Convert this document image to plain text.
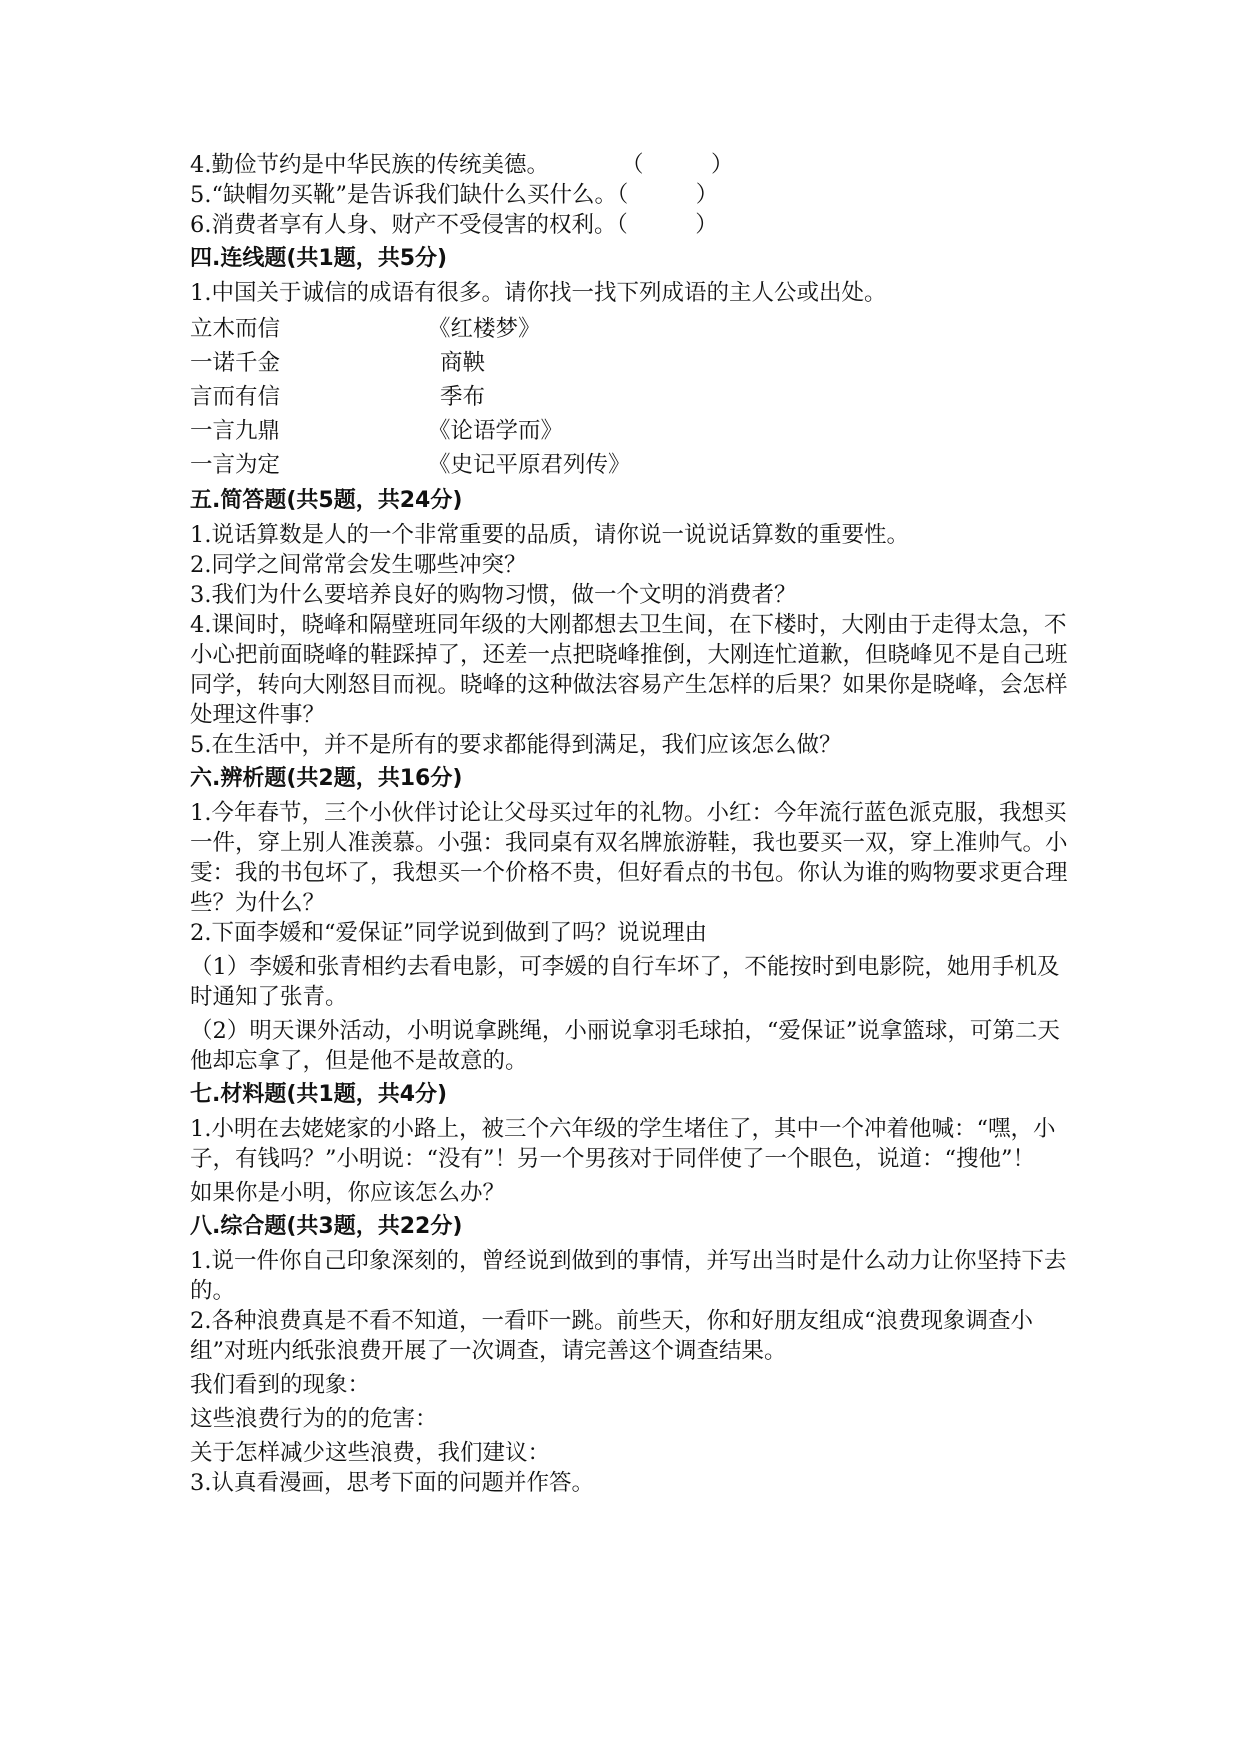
4.勤俭节约是中华民族的传统美德。	（　　　）
5.“缺帽勿买靴”是告诉我们缺什么买什么。（　　　）
6.消费者享有人身、财产不受侵害的权利。（　　　）
四.连线题(共1题，共5分)
1.中国关于诚信的成语有很多。请你找一找下列成语的主人公或出处。
立木而信	《红楼梦》
一诺千金	商鞅
言而有信	季布
一言九鼎	《论语学而》
一言为定	《史记平原君列传》
五.简答题(共5题，共24分)
1.说话算数是人的一个非常重要的品质，请你说一说说话算数的重要性。
2.同学之间常常会发生哪些冲突？
3.我们为什么要培养良好的购物习惯，做一个文明的消费者？
4.课间时，晓峰和隔壁班同年级的大刚都想去卫生间，在下楼时，大刚由于走得太急，不小心把前面晓峰的鞋踩掉了，还差一点把晓峰推倒，大刚连忙道歉，但晓峰见不是自己班同学，转向大刚怒目而视。晓峰的这种做法容易产生怎样的后果？如果你是晓峰，会怎样处理这件事？
5.在生活中，并不是所有的要求都能得到满足，我们应该怎么做？
六.辨析题(共2题，共16分)
1.今年春节，三个小伙伴讨论让父母买过年的礼物。小红：今年流行蓝色派克服，我想买一件，穿上别人准羡慕。小强：我同桌有双名牌旅游鞋，我也要买一双，穿上准帅气。小雯：我的书包坏了，我想买一个价格不贵，但好看点的书包。你认为谁的购物要求更合理些？为什么？
2.下面李媛和“爱保证”同学说到做到了吗？说说理由
（1）李媛和张青相约去看电影，可李媛的自行车坏了，不能按时到电影院，她用手机及时通知了张青。
（2）明天课外活动，小明说拿跳绳，小丽说拿羽毛球拍，“爱保证”说拿篮球，可第二天他却忘拿了，但是他不是故意的。
七.材料题(共1题，共4分)
1.小明在去姥姥家的小路上，被三个六年级的学生堵住了，其中一个冲着他喊：“嘿，小子，有钱吗？”小明说：“没有”！另一个男孩对于同伴使了一个眼色，说道：“搜他”！
如果你是小明，你应该怎么办？
八.综合题(共3题，共22分)
1.说一件你自己印象深刻的，曾经说到做到的事情，并写出当时是什么动力让你坚持下去的。
2.各种浪费真是不看不知道，一看吓一跳。前些天，你和好朋友组成“浪费现象调查小组”对班内纸张浪费开展了一次调查，请完善这个调查结果。
我们看到的现象：
这些浪费行为的的危害：
关于怎样减少这些浪费，我们建议：
3.认真看漫画，思考下面的问题并作答。
